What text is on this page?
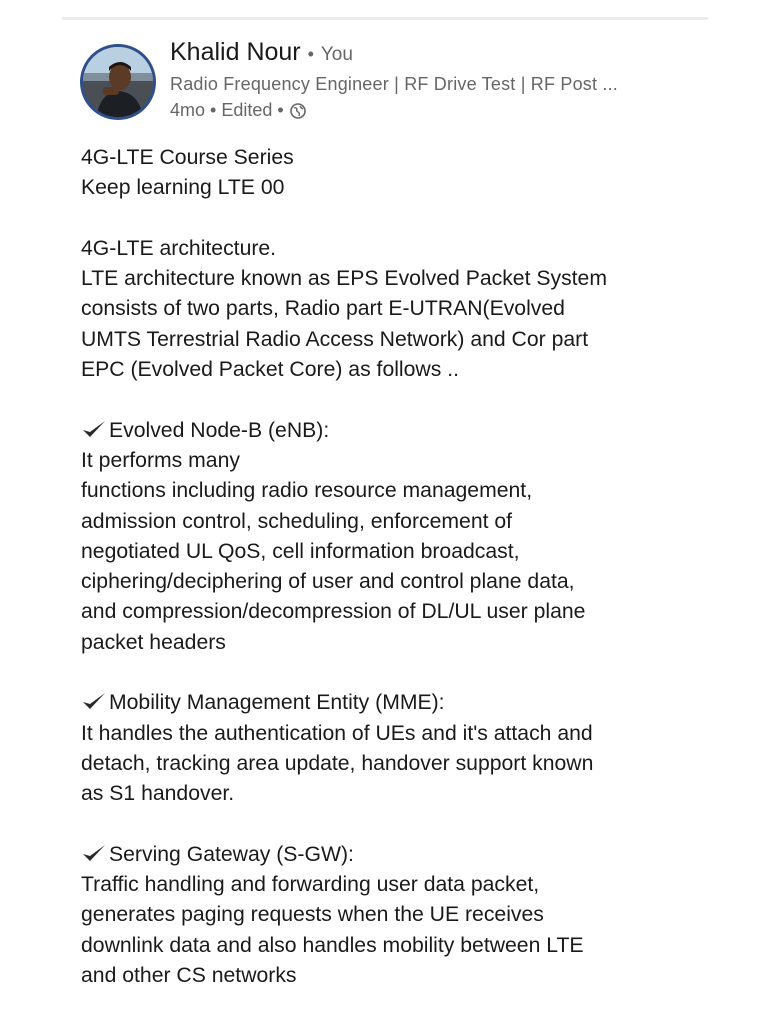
Khalid Nour • You
Radio Frequency Engineer | RF Drive Test | RF Post ...
4mo • Edited •

4G-LTE Course Series

Keep learning LTE 00

4G-LTE architecture.

LTE architecture known as EPS Evolved Packet System

consists of two parts, Radio part E-UTRAN(Evolved

UMTS Terrestrial Radio Access Network) and Cor part

EPC (Evolved Packet Core) as follows ..

Evolved Node-B (eNB):

It performs many

functions including radio resource management,

admission control, scheduling, enforcement of

negotiated UL QoS, cell information broadcast,

ciphering/deciphering of user and control plane data,

and compression/decompression of DL/UL user plane

packet headers

Mobility Management Entity (MME):

It handles the authentication of UEs and it's attach and

detach, tracking area update, handover support known

as S1 handover.

Serving Gateway (S-GW):

Traffic handling and forwarding user data packet,

generates paging requests when the UE receives

downlink data and also handles mobility between LTE

and other CS networks
